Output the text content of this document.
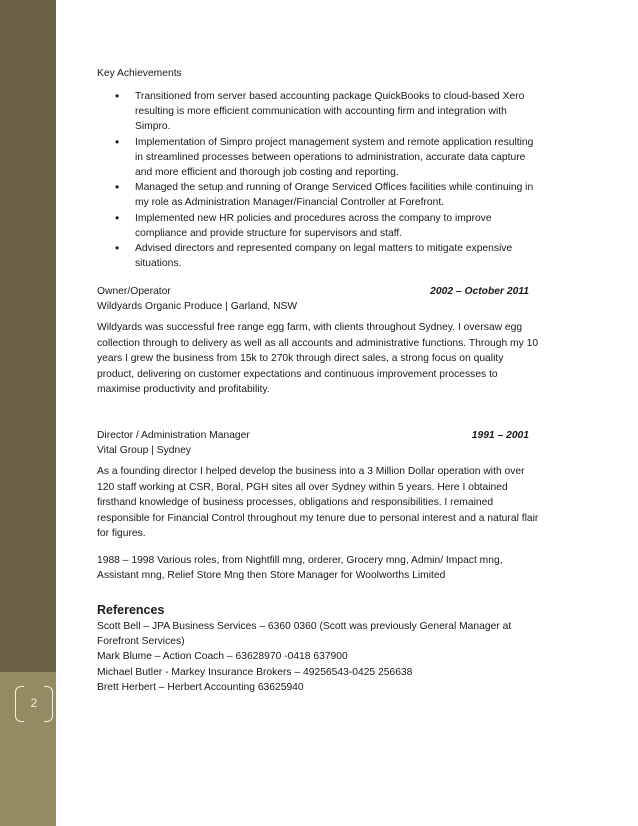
2
Key Achievements
• Transitioned from server based accounting package QuickBooks to cloud-based Xero resulting is more efficient communication with accounting firm and integration with Simpro.
• Implementation of Simpro project management system and remote application resulting in streamlined processes between operations to administration, accurate data capture and more efficient and thorough job costing and reporting.
• Managed the setup and running of Orange Serviced Offices facilities while continuing in my role as Administration Manager/Financial Controller at Forefront.
• Implemented new HR policies and procedures across the company to improve compliance and provide structure for supervisors and staff.
• Advised directors and represented company on legal matters to mitigate expensive situations.
Owner/Operator	2002 – October 2011
Wildyards Organic Produce | Garland, NSW
Wildyards was successful free range egg farm, with clients throughout Sydney. I oversaw egg collection through to delivery as well as all accounts and administrative functions. Through my 10 years I grew the business from 15k to 270k through direct sales, a strong focus on quality product, delivering on customer expectations and continuous improvement processes to maximise productivity and profitability.
Director / Administration Manager	1991 – 2001
Vital Group | Sydney
As a founding director I helped develop the business into a 3 Million Dollar operation with over 120 staff working at CSR, Boral, PGH sites all over Sydney within 5 years. Here I obtained firsthand knowledge of business processes, obligations and responsibilities. I remained responsible for Financial Control throughout my tenure due to personal interest and a natural flair for figures.
1988 – 1998 Various roles, from Nightfill mng, orderer, Grocery mng, Admin/ Impact mng, Assistant mng, Relief Store Mng then Store Manager for Woolworths Limited
References
Scott Bell – JPA Business Services – 6360 0360 (Scott was previously General Manager at Forefront Services)
Mark Blume – Action Coach – 63628970 -0418 637900
Michael Butler - Markey Insurance Brokers – 49256543-0425 256638
Brett Herbert – Herbert Accounting 63625940
